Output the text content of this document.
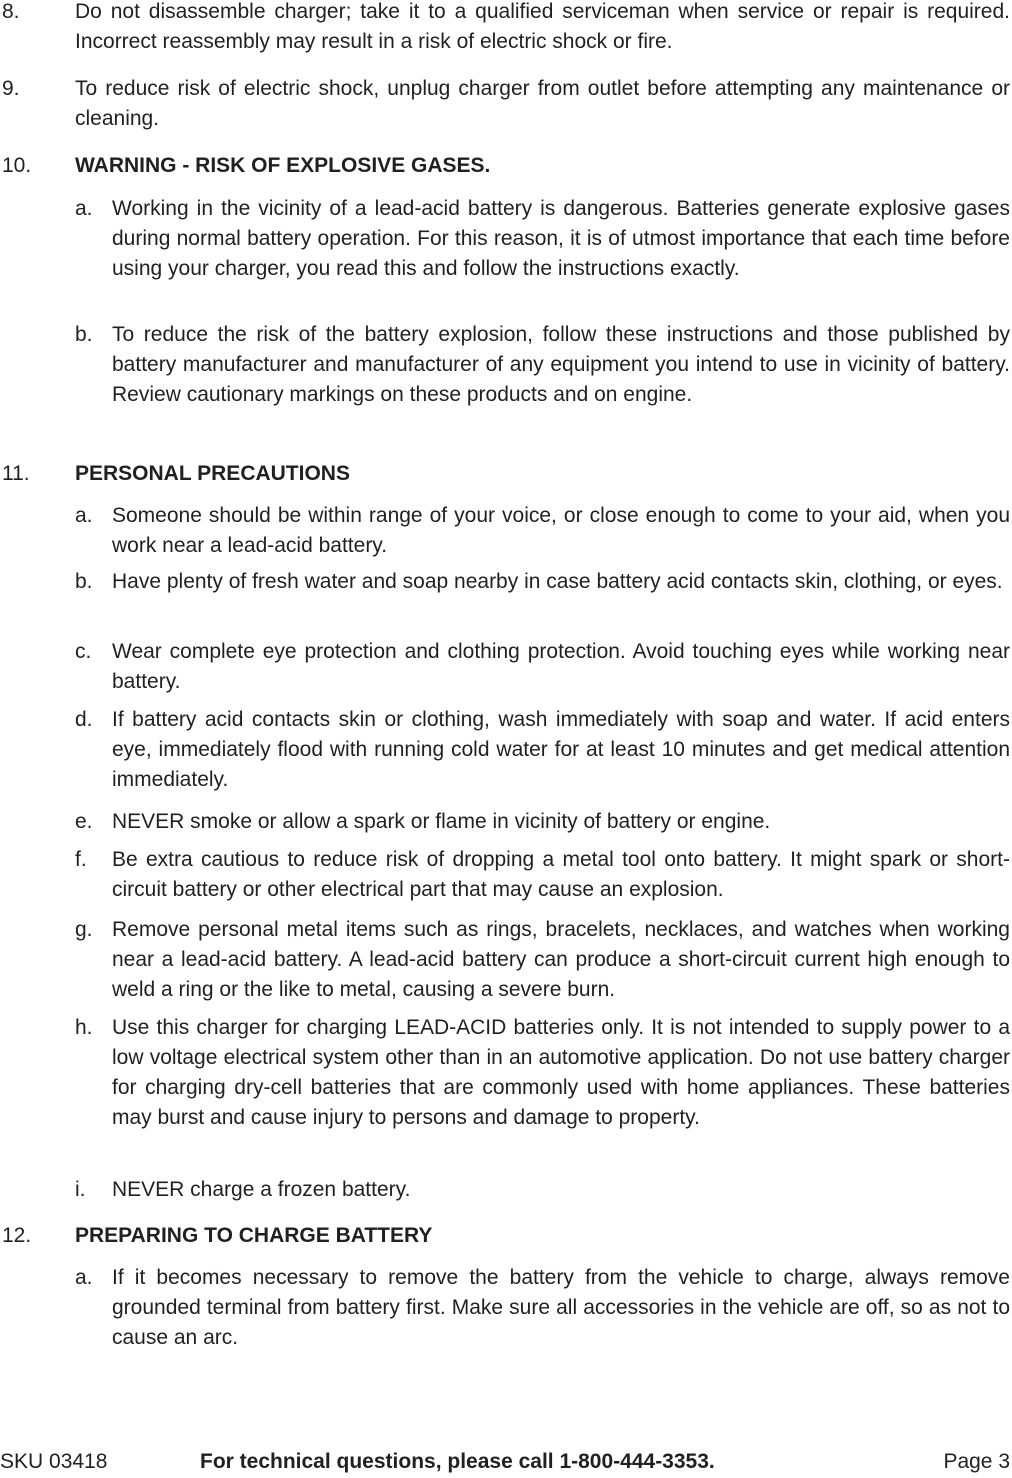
8.	Do not disassemble charger; take it to a qualified serviceman when service or repair is required. Incorrect reassembly may result in a risk of electric shock or fire.
9.	To reduce risk of electric shock, unplug charger from outlet before attempting any maintenance or cleaning.
10. WARNING - RISK OF EXPLOSIVE GASES.
a. Working in the vicinity of a lead-acid battery is dangerous. Batteries generate explosive gases during normal battery operation. For this reason, it is of utmost importance that each time before using your charger, you read this and follow the instructions exactly.
b. To reduce the risk of the battery explosion, follow these instructions and those published by battery manufacturer and manufacturer of any equipment you intend to use in vicinity of battery. Review cautionary markings on these products and on engine.
11. PERSONAL PRECAUTIONS
a. Someone should be within range of your voice, or close enough to come to your aid, when you work near a lead-acid battery.
b. Have plenty of fresh water and soap nearby in case battery acid contacts skin, clothing, or eyes.
c. Wear complete eye protection and clothing protection. Avoid touching eyes while working near battery.
d. If battery acid contacts skin or clothing, wash immediately with soap and water. If acid enters eye, immediately flood with running cold water for at least 10 minutes and get medical attention immediately.
e. NEVER smoke or allow a spark or flame in vicinity of battery or engine.
f. Be extra cautious to reduce risk of dropping a metal tool onto battery. It might spark or short-circuit battery or other electrical part that may cause an explosion.
g. Remove personal metal items such as rings, bracelets, necklaces, and watches when working near a lead-acid battery. A lead-acid battery can produce a short-circuit current high enough to weld a ring or the like to metal, causing a severe burn.
h. Use this charger for charging LEAD-ACID batteries only. It is not intended to supply power to a low voltage electrical system other than in an automotive application. Do not use battery charger for charging dry-cell batteries that are commonly used with home appliances. These batteries may burst and cause injury to persons and damage to property.
i. NEVER charge a frozen battery.
12. PREPARING TO CHARGE BATTERY
a. If it becomes necessary to remove the battery from the vehicle to charge, always remove grounded terminal from battery first. Make sure all accessories in the vehicle are off, so as not to cause an arc.
SKU 03418	For technical questions, please call 1-800-444-3353.	Page 3
